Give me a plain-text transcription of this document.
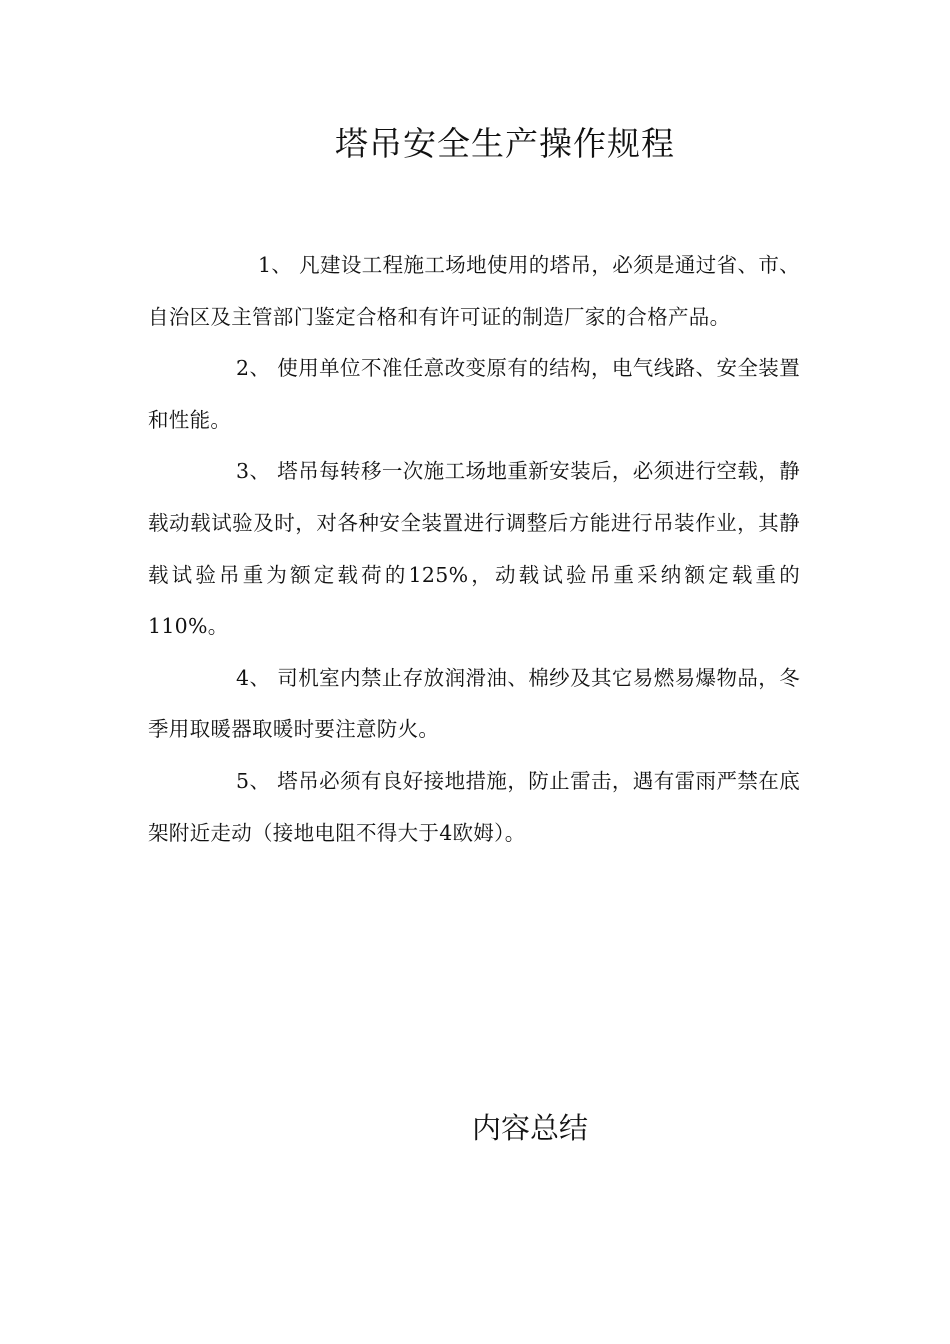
塔吊安全生产操作规程

1、 凡建设工程施工场地使用的塔吊，必须是通过省、市、自治区及主管部门鉴定合格和有许可证的制造厂家的合格产品。

2、 使用单位不准任意改变原有的结构，电气线路、安全装置和性能。

3、 塔吊每转移一次施工场地重新安装后，必须进行空载，静载动载试验及时，对各种安全装置进行调整后方能进行吊装作业，其静载试验吊重为额定载荷的125%，动载试验吊重采纳额定载重的110%。

4、 司机室内禁止存放润滑油、棉纱及其它易燃易爆物品，冬季用取暖器取暖时要注意防火。

5、 塔吊必须有良好接地措施，防止雷击，遇有雷雨严禁在底架附近走动（接地电阻不得大于4欧姆）。

内容总结
